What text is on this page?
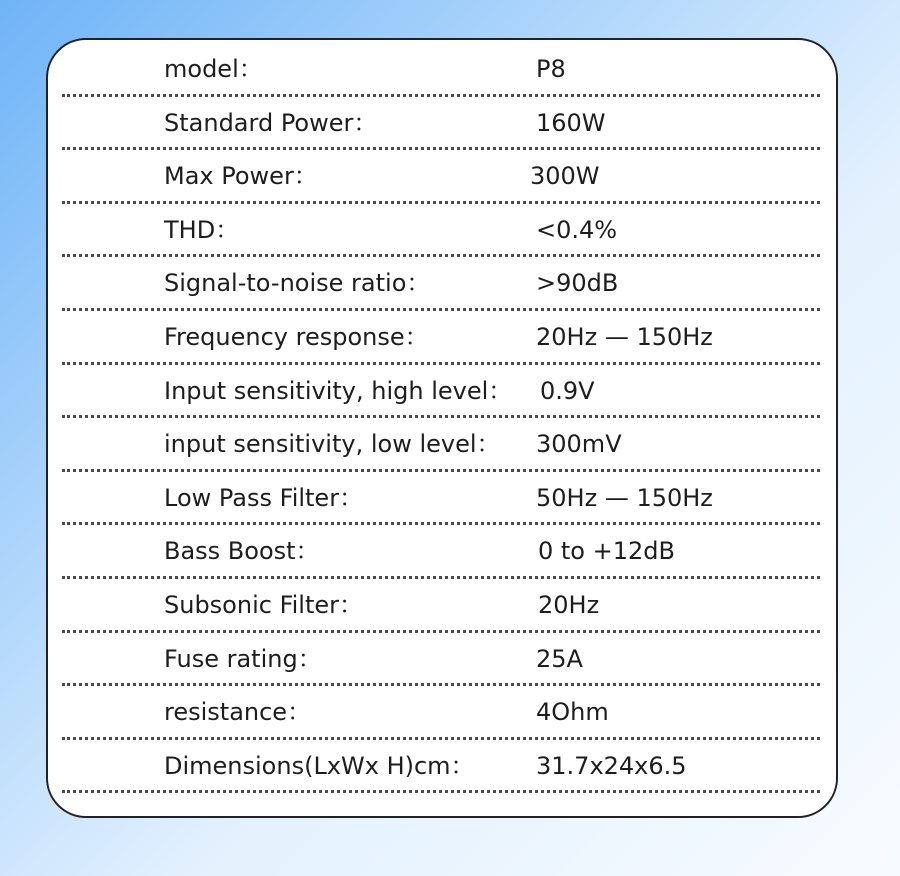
model：	P8
Standard Power：	160W
Max Power：	300W
THD：	<0.4%
Signal-to-noise ratio：	>90dB
Frequency response：	20Hz — 150Hz
Input sensitivity, high level： 0.9V
input sensitivity, low level： 300mV
Low Pass Filter：	50Hz — 150Hz
Bass Boost：	0 to +12dB
Subsonic Filter：	20Hz
Fuse rating：	25A
resistance：	4Ohm
Dimensions(LxWx H)cm：	31.7x24x6.5
